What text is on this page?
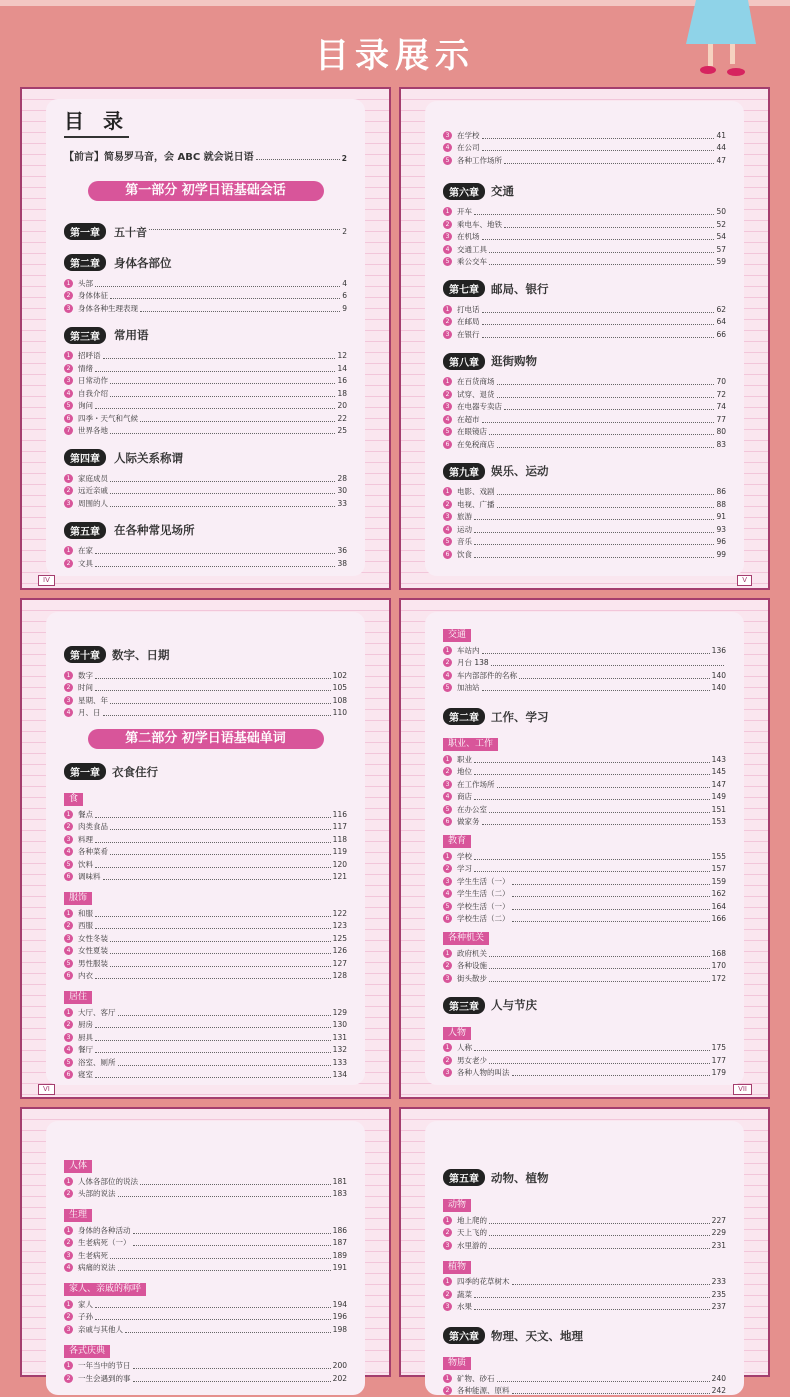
目录展示
目 录
【前言】简易罗马音，会 ABC 就会说日语	2
第一部分 初学日语基础会话
第一章	五十音	2
第二章	身体各部位
1	头部	4
2	身体体征	6
3	身体各种生理表现	9
第三章	常用语
1	招呼语	12
2	情绪	14
3	日常动作	16
4	自我介绍	18
5	询问	20
6	四季・天气和气候	22
7	世界各地	25
第四章	人际关系称谓
1	家庭成员	28
2	远近亲戚	30
3	周围的人	33
第五章	在各种常见场所
1	在家	36
2	文具	38
IV
3	在学校	41
4	在公司	44
5	各种工作场所	47
第六章	交通
1	开车	50
2	乘电车、地铁	52
3	在机场	54
4	交通工具	57
5	乘公交车	59
第七章	邮局、银行
1	打电话	62
2	在邮局	64
3	在银行	66
第八章	逛街购物
1	在百货商场	70
2	试穿、退货	72
3	在电器专卖店	74
4	在超市	77
5	在眼镜店	80
6	在免税商店	83
第九章	娱乐、运动
1	电影、戏剧	86
2	电视、广播	88
3	旅游	91
4	运动	93
5	音乐	96
6	饮食	99
V
第十章	数字、日期
1	数字	102
2	时间	105
3	星期、年	108
4	月、日	110
第二部分 初学日语基础单词
第一章	衣食住行
食
1	餐点	116
2	肉类食品	117
3	料理	118
4	各种菜肴	119
5	饮料	120
6	调味料	121
服饰
1	和服	122
2	西服	123
3	女性冬装	125
4	女性夏装	126
5	男性服装	127
6	内衣	128
居住
1	大厅、客厅	129
2	厨房	130
3	厨具	131
4	餐厅	132
5	浴室、厕所	133
6	寝室	134
VI
交通
1	车站内	136
2	月台 138
4	车内部部件的名称	140
5	加油站	140
第二章	工作、学习
职业、工作
1	职业	143
2	地位	145
3	在工作场所	147
4	商店	149
5	在办公室	151
6	做家务	153
教育
1	学校	155
2	学习	157
3	学生生活（一）	159
4	学生生活（二）	162
5	学校生活（一）	164
6	学校生活（二）	166
各种机关
1	政府机关	168
2	各种设施	170
3	街头散步	172
第三章	人与节庆
人物
1	人称	175
2	男女老少	177
3	各种人物的叫法	179
VII
人体
1	人体各部位的说法	181
2	头部的说法	183
生理
1	身体的各种活动	186
2	生老病死（一）	187
3	生老病死	189
4	病痛的说法	191
家人、亲戚的称呼
1	家人	194
2	子孙	196
3	亲戚与其他人	198
各式庆典
1	一年当中的节日	200
2	一生会遇到的事	202
第五章	动物、植物
动物
1	地上爬的	227
2	天上飞的	229
3	水里游的	231
植物
1	四季的花草树木	233
2	蔬菜	235
3	水果	237
第六章	物理、天文、地理
物质
1	矿物、砂石	240
2	各种能源、原料	242
